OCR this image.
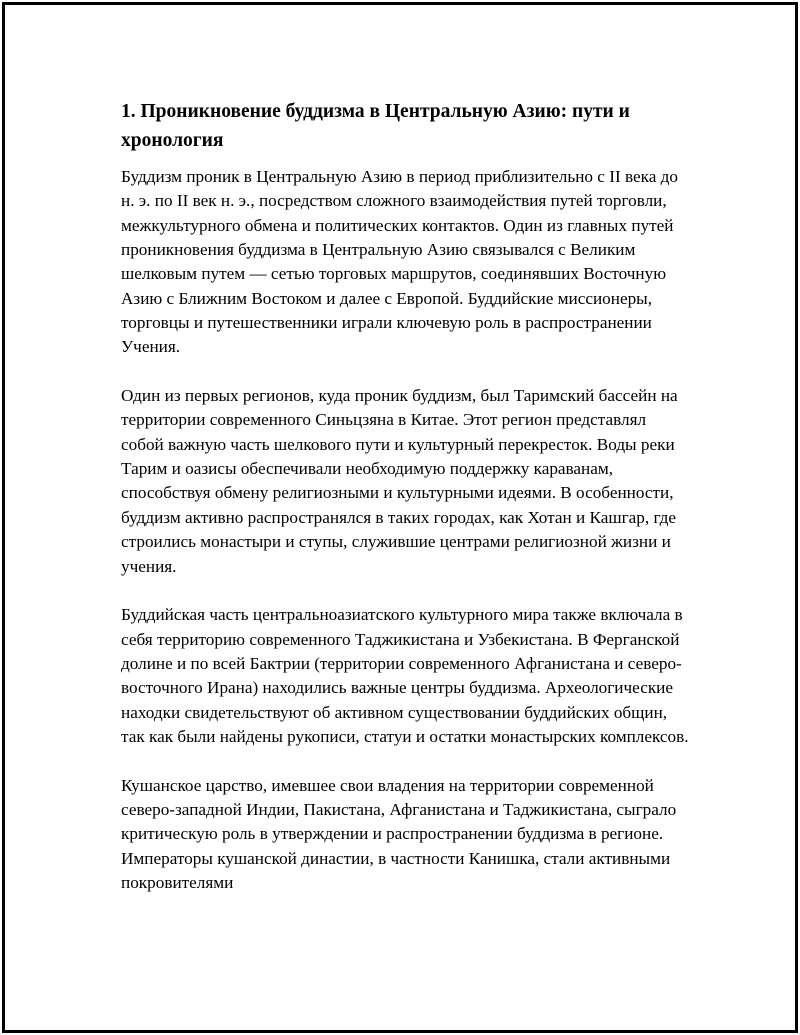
1. Проникновение буддизма в Центральную Азию: пути и хронология

Буддизм проник в Центральную Азию в период приблизительно с II века до н. э. по II век н. э., посредством сложного взаимодействия путей торговли, межкультурного обмена и политических контактов. Один из главных путей проникновения буддизма в Центральную Азию связывался с Великим шелковым путем — сетью торговых маршрутов, соединявших Восточную Азию с Ближним Востоком и далее с Европой. Буддийские миссионеры, торговцы и путешественники играли ключевую роль в распространении Учения.

Один из первых регионов, куда проник буддизм, был Таримский бассейн на территории современного Синьцзяна в Китае. Этот регион представлял собой важную часть шелкового пути и культурный перекресток. Воды реки Тарим и оазисы обеспечивали необходимую поддержку караванам, способствуя обмену религиозными и культурными идеями. В особенности, буддизм активно распространялся в таких городах, как Хотан и Кашгар, где строились монастыри и ступы, служившие центрами религиозной жизни и учения.

Буддийская часть центральноазиатского культурного мира также включала в себя территорию современного Таджикистана и Узбекистана. В Ферганской долине и по всей Бактрии (территории современного Афганистана и северо-восточного Ирана) находились важные центры буддизма. Археологические находки свидетельствуют об активном существовании буддийских общин, так как были найдены рукописи, статуи и остатки монастырских комплексов.

Кушанское царство, имевшее свои владения на территории современной северо-западной Индии, Пакистана, Афганистана и Таджикистана, сыграло критическую роль в утверждении и распространении буддизма в регионе. Императоры кушанской династии, в частности Канишка, стали активными покровителями
